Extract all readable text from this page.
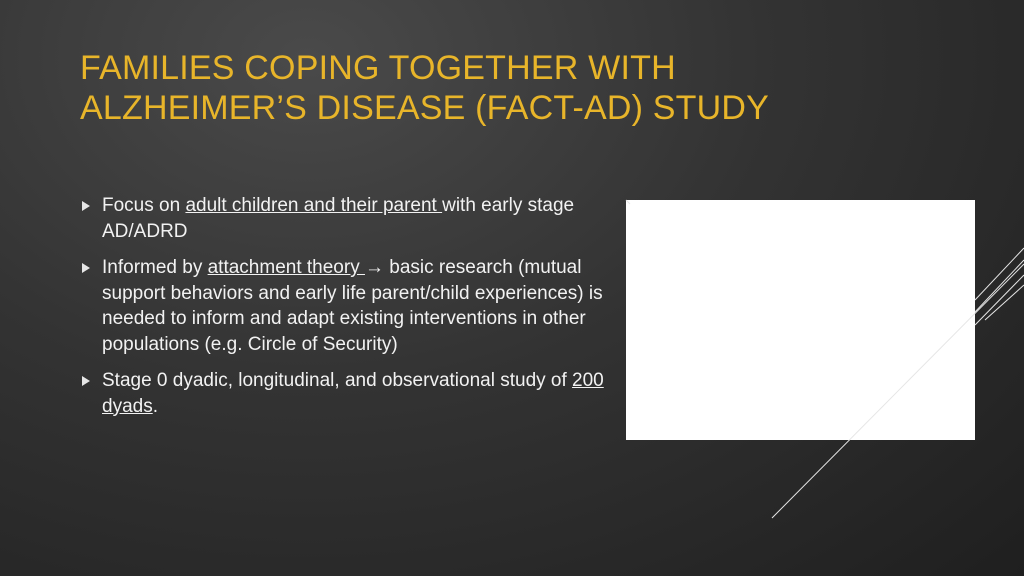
FAMILIES COPING TOGETHER WITH
ALZHEIMER’S DISEASE (FACT-AD) STUDY
Focus on adult children and their parent with early stage AD/ADRD
Informed by attachment theory → basic research (mutual support behaviors and early life parent/child experiences) is needed to inform and adapt existing interventions in other populations (e.g. Circle of Security)
Stage 0 dyadic, longitudinal, and observational study of 200 dyads.
